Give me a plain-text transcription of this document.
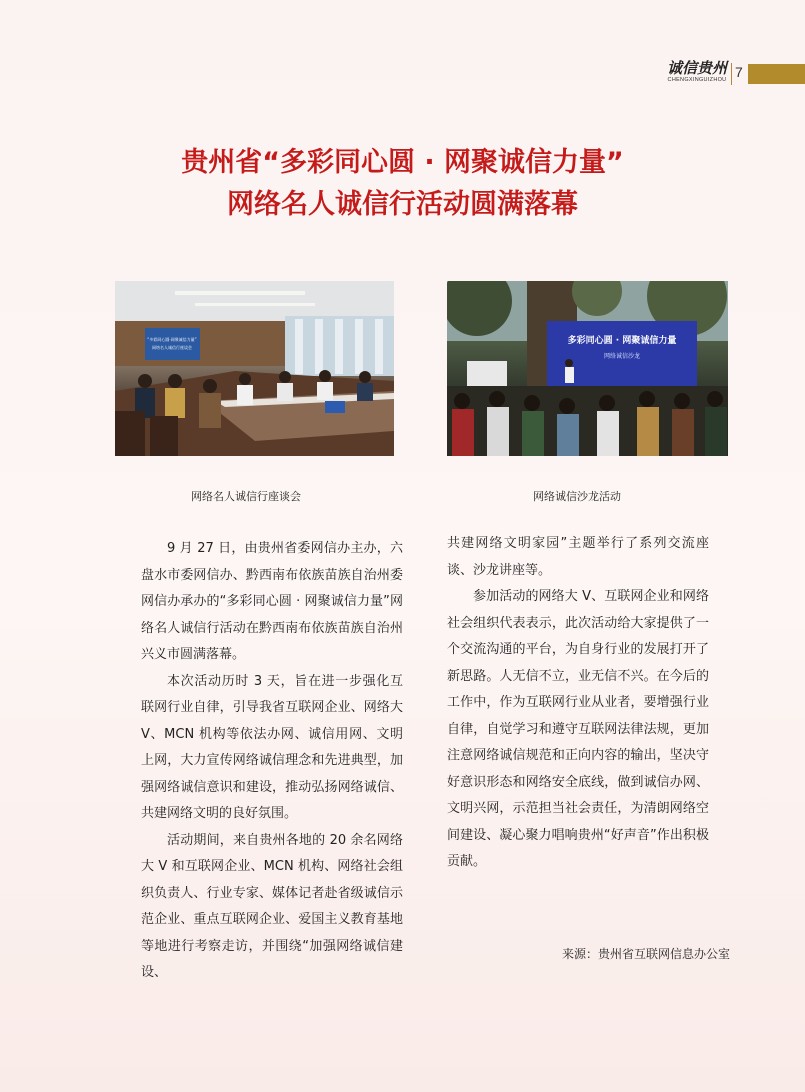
诚信贵州
CHENGXINGUIZHOU 7
贵州省“多彩同心圆 · 网聚诚信力量”
网络名人诚信行活动圆满落幕
“多彩同心圆·网聚诚信力量”
网络名人诚信行座谈会
多彩同心圆 · 网聚诚信力量
网络诚信沙龙
网络名人诚信行座谈会	网络诚信沙龙活动

9 月 27 日，由贵州省委网信办主办，六盘水市委网信办、黔西南布依族苗族自治州委网信办承办的“多彩同心圆 · 网聚诚信力量”网络名人诚信行活动在黔西南布依族苗族自治州兴义市圆满落幕。

本次活动历时 3 天，旨在进一步强化互联网行业自律，引导我省互联网企业、网络大 V、MCN 机构等依法办网、诚信用网、文明上网，大力宣传网络诚信理念和先进典型，加强网络诚信意识和建设，推动弘扬网络诚信、共建网络文明的良好氛围。

活动期间，来自贵州各地的 20 余名网络大 V 和互联网企业、MCN 机构、网络社会组织负责人、行业专家、媒体记者赴省级诚信示范企业、重点互联网企业、爱国主义教育基地等地进行考察走访，并围绕“加强网络诚信建设、

共建网络文明家园”主题举行了系列交流座谈、沙龙讲座等。

参加活动的网络大 V、互联网企业和网络社会组织代表表示，此次活动给大家提供了一个交流沟通的平台，为自身行业的发展打开了新思路。人无信不立，业无信不兴。在今后的工作中，作为互联网行业从业者，要增强行业自律，自觉学习和遵守互联网法律法规，更加注意网络诚信规范和正向内容的输出，坚决守好意识形态和网络安全底线，做到诚信办网、文明兴网，示范担当社会责任，为清朗网络空间建设、凝心聚力唱响贵州“好声音”作出积极贡献。

来源：贵州省互联网信息办公室
